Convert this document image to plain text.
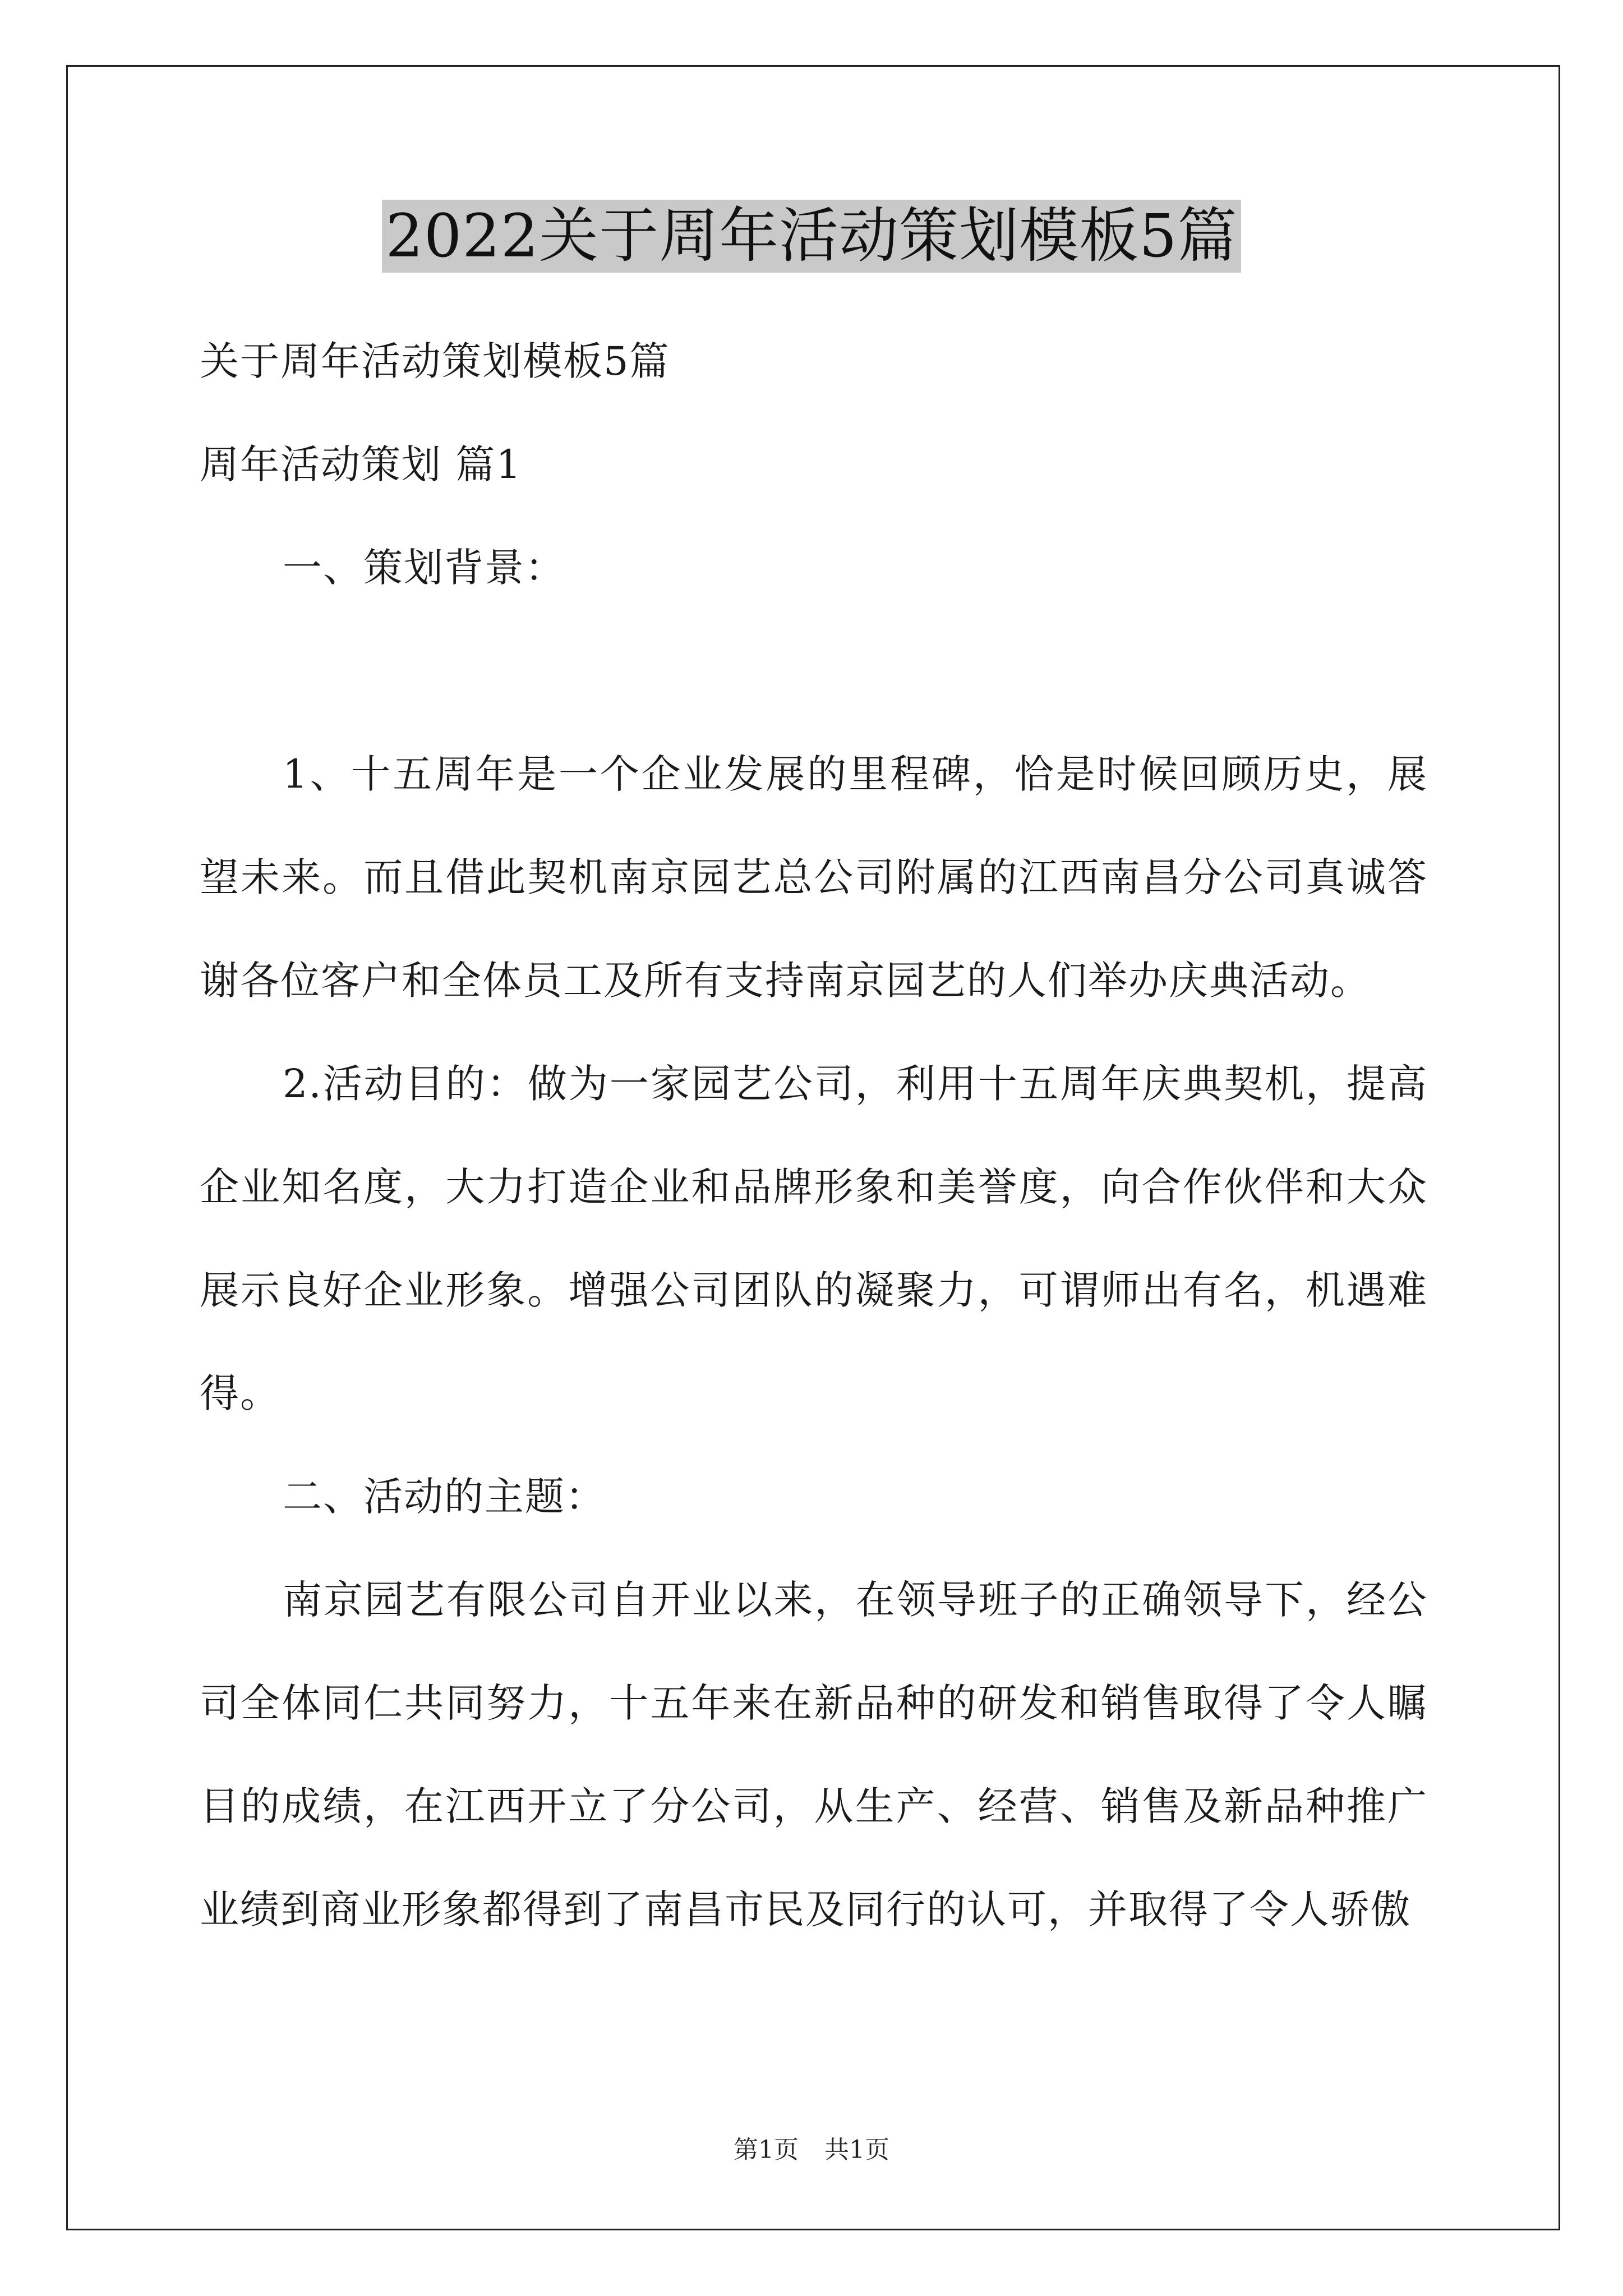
2022关于周年活动策划模板5篇

关于周年活动策划模板5篇

周年活动策划 篇1

一、策划背景：

1、十五周年是一个企业发展的里程碑，恰是时候回顾历史，展望未来。而且借此契机南京园艺总公司附属的江西南昌分公司真诚答谢各位客户和全体员工及所有支持南京园艺的人们举办庆典活动。

2.活动目的：做为一家园艺公司，利用十五周年庆典契机，提高企业知名度，大力打造企业和品牌形象和美誉度，向合作伙伴和大众展示良好企业形象。增强公司团队的凝聚力，可谓师出有名，机遇难得。

二、活动的主题：

南京园艺有限公司自开业以来，在领导班子的正确领导下，经公司全体同仁共同努力，十五年来在新品种的研发和销售取得了令人瞩目的成绩，在江西开立了分公司，从生产、经营、销售及新品种推广业绩到商业形象都得到了南昌市民及同行的认可，并取得了令人骄傲

第1页 共1页
